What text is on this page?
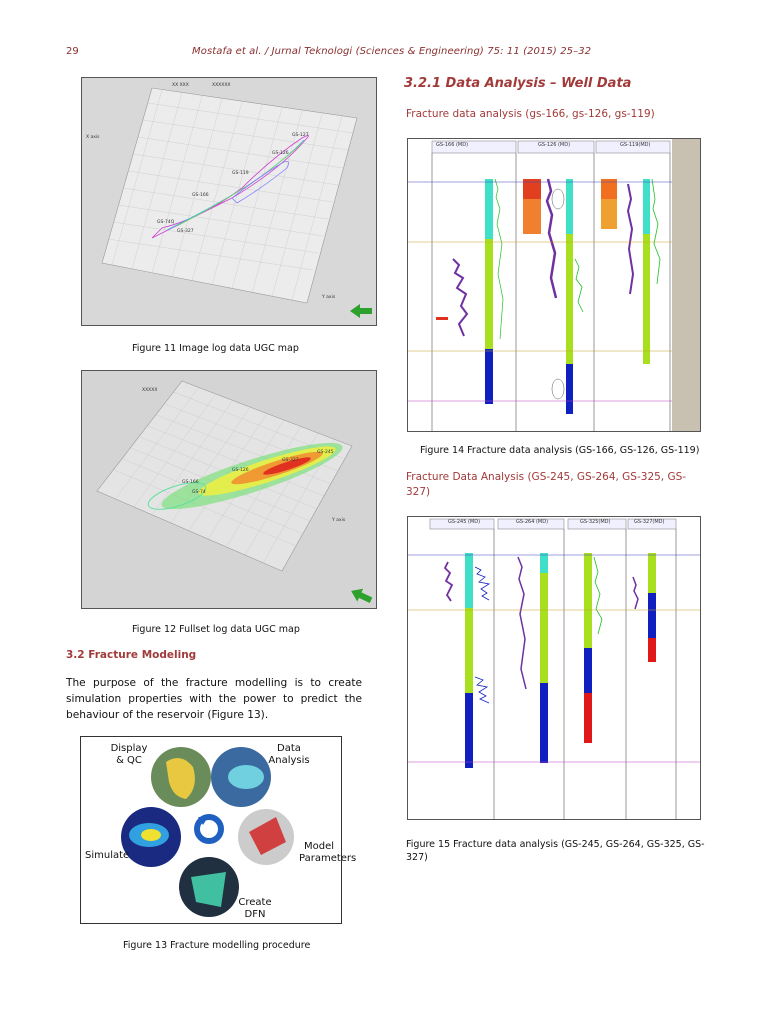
29	Mostafa et al. / Jurnal Teknologi (Sciences & Engineering) 75: 11 (2015) 25–32
XX XXX	XXXXXX
X axis
Y axis
GS-127
GS-126
GS-119
GS-166
GS-74Q
GS-327
Figure 11 Image log data UGC map
GS-245
GS-327
GS-126
GS-166
GS-74
XXXXX
Y axis
Figure 12 Fullset log data UGC map
3.2 Fracture Modeling
The purpose of the fracture modelling is to create simulation properties with the power to predict the behaviour of the reservoir (Figure 13).
Display & QC
Data Analysis
Model Parameters
Create DFN
Simulate
Figure 13 Fracture modelling procedure
3.2.1 Data Analysis – Well Data
Fracture data analysis (gs-166, gs-126, gs-119)
GS-166 (MD)	GS-126 (MD)	GS-119(MD)
Figure 14 Fracture data analysis (GS-166, GS-126, GS-119)
Fracture Data Analysis (GS-245, GS-264, GS-325, GS-327)
GS-245 (MD)	GS-264 (MD)	GS-325(MD)	GS-327(MD)
Figure 15 Fracture data analysis (GS-245, GS-264, GS-325, GS-327)
